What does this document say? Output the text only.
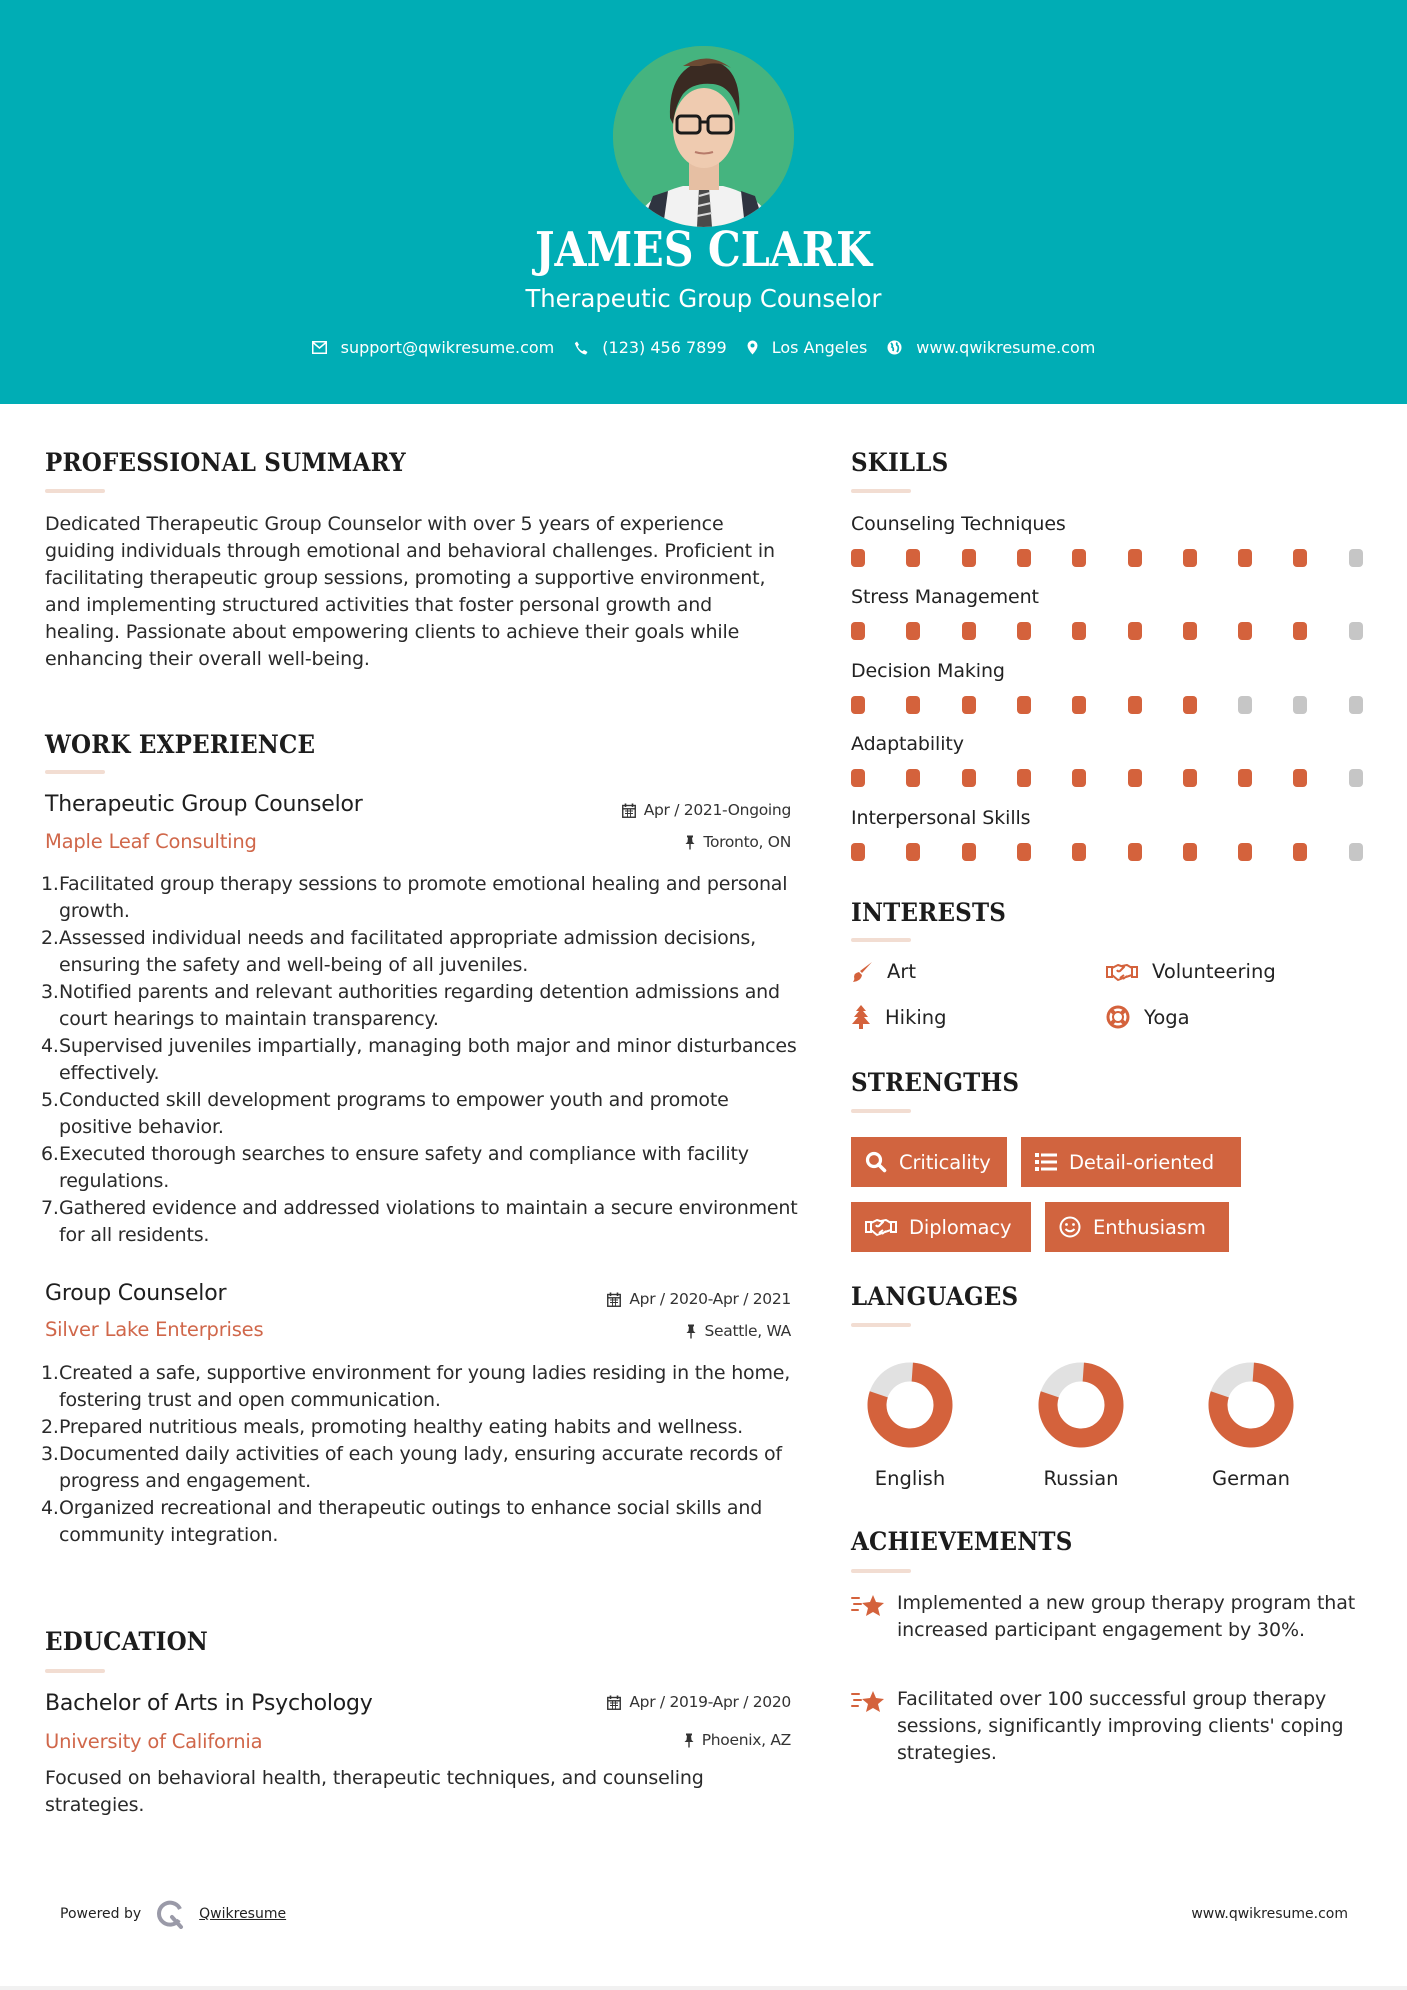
JAMES CLARK
Therapeutic Group Counselor
support@qwikresume.com	(123) 456 7899	Los Angeles	www.qwikresume.com
PROFESSIONAL SUMMARY
Dedicated Therapeutic Group Counselor with over 5 years of experience guiding individuals through emotional and behavioral challenges. Proficient in facilitating therapeutic group sessions, promoting a supportive environment, and implementing structured activities that foster personal growth and healing. Passionate about empowering clients to achieve their goals while enhancing their overall well-being.
WORK EXPERIENCE
Therapeutic Group Counselor	Apr / 2021-Ongoing
Maple Leaf Consulting	Toronto, ON
1. Facilitated group therapy sessions to promote emotional healing and personal growth.
2. Assessed individual needs and facilitated appropriate admission decisions, ensuring the safety and well-being of all juveniles.
3. Notified parents and relevant authorities regarding detention admissions and court hearings to maintain transparency.
4. Supervised juveniles impartially, managing both major and minor disturbances effectively.
5. Conducted skill development programs to empower youth and promote positive behavior.
6. Executed thorough searches to ensure safety and compliance with facility regulations.
7. Gathered evidence and addressed violations to maintain a secure environment for all residents.
Group Counselor	Apr / 2020-Apr / 2021
Silver Lake Enterprises	Seattle, WA
1. Created a safe, supportive environment for young ladies residing in the home, fostering trust and open communication.
2. Prepared nutritious meals, promoting healthy eating habits and wellness.
3. Documented daily activities of each young lady, ensuring accurate records of progress and engagement.
4. Organized recreational and therapeutic outings to enhance social skills and community integration.
EDUCATION
Bachelor of Arts in Psychology	Apr / 2019-Apr / 2020
University of California	Phoenix, AZ
Focused on behavioral health, therapeutic techniques, and counseling strategies.
SKILLS
Counseling Techniques
Stress Management
Decision Making
Adaptability
Interpersonal Skills
INTERESTS
Art	Volunteering
Hiking	Yoga
STRENGTHS
Criticality	Detail-oriented
Diplomacy	Enthusiasm
LANGUAGES
English	Russian	German
ACHIEVEMENTS
Implemented a new group therapy program that increased participant engagement by 30%.
Facilitated over 100 successful group therapy sessions, significantly improving clients' coping strategies.
Powered by	Qwikresume	www.qwikresume.com
